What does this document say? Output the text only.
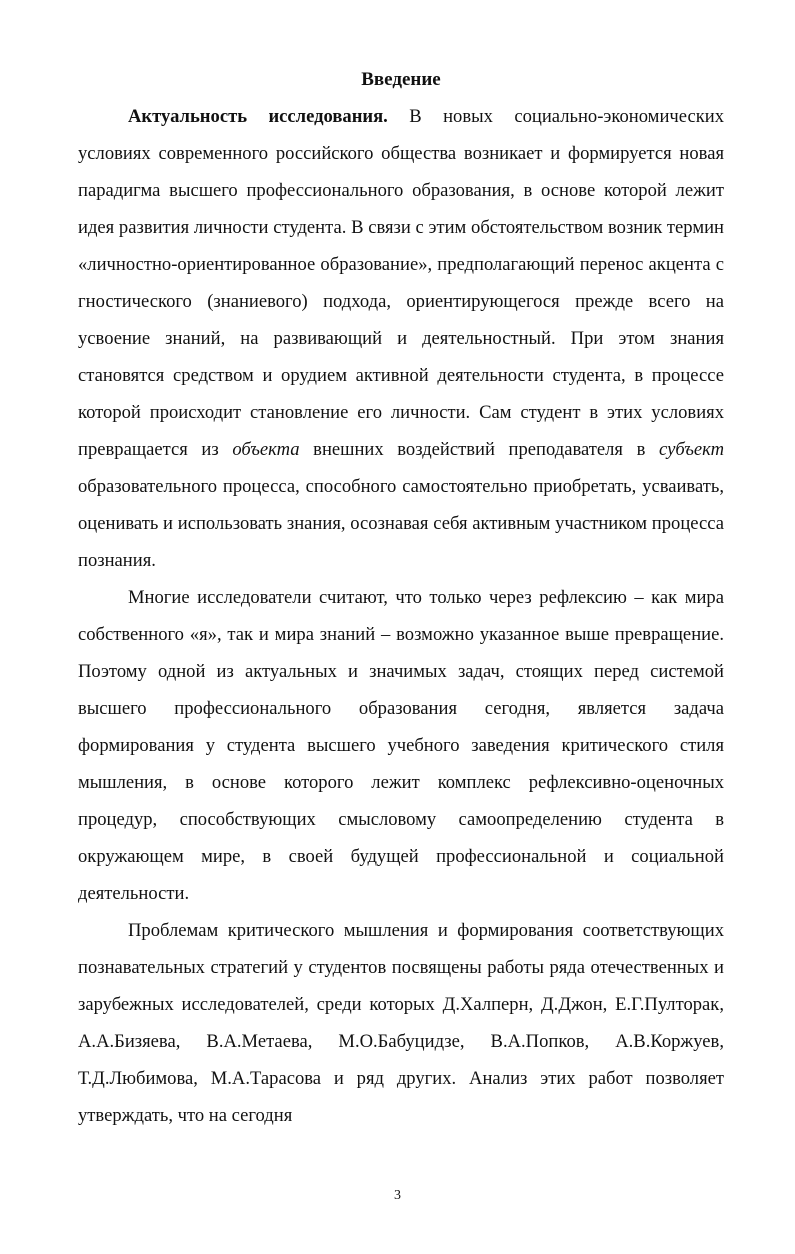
Введение

Актуальность исследования. В новых социально-экономических условиях современного российского общества возникает и формируется новая парадигма высшего профессионального образования, в основе которой лежит идея развития личности студента. В связи с этим обстоятельством возник термин «личностно-ориентированное образование», предполагающий перенос акцента с гностического (знаниевого) подхода, ориентирующегося прежде всего на усвоение знаний, на развивающий и деятельностный. При этом знания становятся средством и орудием активной деятельности студента, в процессе которой происходит становление его личности. Сам студент в этих условиях превращается из объекта внешних воздействий преподавателя в субъект образовательного процесса, способного самостоятельно приобретать, усваивать, оценивать и использовать знания, осознавая себя активным участником процесса познания.

Многие исследователи считают, что только через рефлексию – как мира собственного «я», так и мира знаний – возможно указанное выше превращение. Поэтому одной из актуальных и значимых задач, стоящих перед системой высшего профессионального образования сегодня, является задача формирования у студента высшего учебного заведения критического стиля мышления, в основе которого лежит комплекс рефлексивно-оценочных процедур, способствующих смысловому самоопределению студента в окружающем мире, в своей будущей профессиональной и социальной деятельности.

Проблемам критического мышления и формирования соответствующих познавательных стратегий у студентов посвящены работы ряда отечественных и зарубежных исследователей, среди которых Д.Халперн, Д.Джон, Е.Г.Пулторак, А.А.Бизяева, В.А.Метаева, М.О.Бабуцидзе, В.А.Попков, А.В.Коржуев, Т.Д.Любимова, М.А.Тарасова и ряд других. Анализ этих работ позволяет утверждать, что на сегодня

3
